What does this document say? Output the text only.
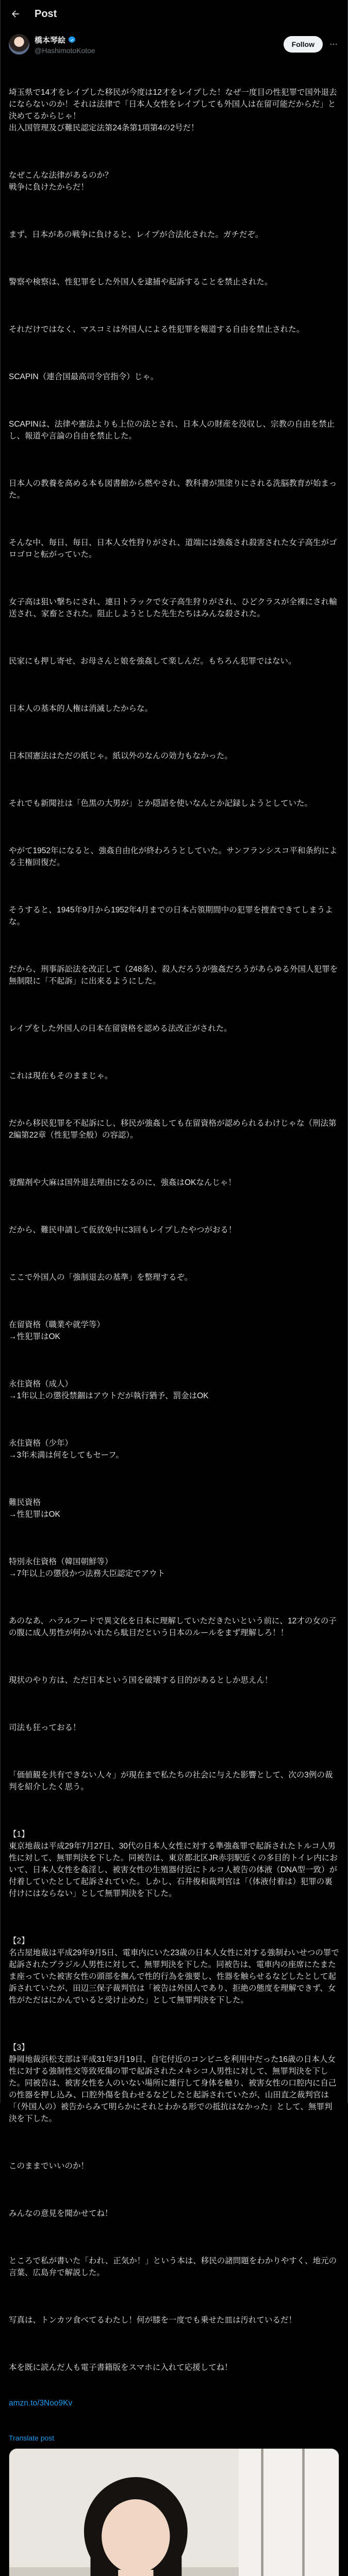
Post
橋本琴絵
@HashimotoKotoe
Follow

埼玉県で14才をレイプした移民が今度は12才をレイプした！なぜ一度目の性犯罪で国外退去にならないのか！それは法律で「日本人女性をレイプしても外国人は在留可能だからだ」と決めてるからじゃ！
出入国管理及び難民認定法第24条第1項第4の2号だ！

なぜこんな法律があるのか？
戦争に負けたからだ！

まず、日本があの戦争に負けると、レイプが合法化された。ガチだぞ。

警察や検察は、性犯罪をした外国人を逮捕や起訴することを禁止された。

それだけではなく、マスコミは外国人による性犯罪を報道する自由を禁止された。

SCAPIN（連合国最高司令官指令）じゃ。

SCAPINは、法律や憲法よりも上位の法とされ、日本人の財産を没収し、宗教の自由を禁止し、報道や言論の自由を禁止した。

日本人の教養を高める本も図書館から燃やされ、教科書が黒塗りにされる洗脳教育が始まった。

そんな中、毎日、毎日、日本人女性狩りがされ、道端には強姦され殺害された女子高生がゴロゴロと転がっていた。

女子高は狙い撃ちにされ、連日トラックで女子高生狩りがされ、ひどクラスが全裸にされ輸送され、家畜とされた。阻止しようとした先生たちはみんな殺された。

民家にも押し寄せ、お母さんと娘を強姦して楽しんだ。もちろん犯罪ではない。

日本人の基本的人権は消滅したからな。

日本国憲法はただの紙じゃ。紙以外のなんの効力もなかった。

それでも新聞社は「色黒の大男が」とか隠語を使いなんとか記録しようとしていた。

やがて1952年になると、強姦自由化が終わろうとしていた。サンフランシスコ平和条約による主権回復だ。

そうすると、1945年9月から1952年4月までの日本占領期間中の犯罪を捜査できてしまうよな。

だから、刑事訴訟法を改正して（248条）、殺人だろうが強姦だろうがあらゆる外国人犯罪を無制限に「不起訴」に出来るようにした。

レイプをした外国人の日本在留資格を認める法改正がされた。

これは現在もそのままじゃ。

だから移民犯罪を不起訴にし、移民が強姦しても在留資格が認められるわけじゃな（刑法第2編第22章（性犯罪全般）の容認）。

覚醒剤や大麻は国外退去理由になるのに、強姦はOKなんじゃ！

だから、難民申請して仮放免中に3回もレイプしたやつがおる！

ここで外国人の「強制退去の基準」を整理するぞ。

在留資格（職業や就学等）
→性犯罪はOK

永住資格（成人）
→1年以上の懲役禁錮はアウトだが執行猶予、罰金はOK

永住資格（少年）
→3年未満は何をしてもセーフ。

難民資格
→性犯罪はOK

特別永住資格（韓国朝鮮等）
→7年以上の懲役かつ法務大臣認定でアウト

あのなあ、ハラルフードで異文化を日本に理解していただきたいという前に、12才の女の子の腹に成人男性が何かいれたら駄目だという日本のルールをまず理解しろ！！

現状のやり方は、ただ日本という国を破壊する目的があるとしか思えん！

司法も狂っておる！

「価値観を共有できない人々」が現在まで私たちの社会に与えた影響として、次の3例の裁判を紹介したく思う。

【1】
東京地裁は平成29年7月27日、30代の日本人女性に対する準強姦罪で起訴されたトルコ人男性に対して、無罪判決を下した。同被告は、東京都北区JR赤羽駅近くの多目的トイレ内において、日本人女性を姦淫し、被害女性の生殖器付近にトルコ人被告の体液（DNA型一致）が付着していたとして起訴されていた。しかし、石井俊和裁判官は「（体液付着は）犯罪の裏付けにはならない」として無罪判決を下した。

【2】
名古屋地裁は平成29年9月5日、電車内にいた23歳の日本人女性に対する強制わいせつの罪で起訴されたブラジル人男性に対して、無罪判決を下した。同被告は、電車内の座席にたまたま座っていた被害女性の頭部を撫んで性的行為を強要し、性器を触らせるなどしたとして起訴されていたが、田辺三保子裁判官は「被告は外国人であり、拒絶の態度を理解できず、女性がただはにかんでいると受け止めた」として無罪判決を下した。

【3】
静岡地裁浜松支部は平成31年3月19日、自宅付近のコンビニを利用中だった16歳の日本人女性に対する強制性交等致死傷の罪で起訴されたメキシコ人男性に対して、無罪判決を下した。同被告は、被害女性を人のいない場所に連行して身体を触り、被害女性の口腔内に自己の性器を押し込み、口腔外傷を負わせるなどしたと起訴されていたが、山田直之裁判官は「（外国人の）被告からみて明らかにそれとわかる形での抵抗はなかった」として、無罪判決を下した。

このままでいいのか！

みんなの意見を聞かせてね！

ところで私が書いた「われ、正気か！」という本は、移民の諸問題をわかりやすく、地元の言葉、広島弁で解説した。

写真は、トンカツ食べてるわたし！何が膝を一度でも乗せた皿は汚れているだ！

本を既に読んだ人も電子書籍版をスマホに入れて応援してね！

amzn.to/3Noo9Kv

Translate post
